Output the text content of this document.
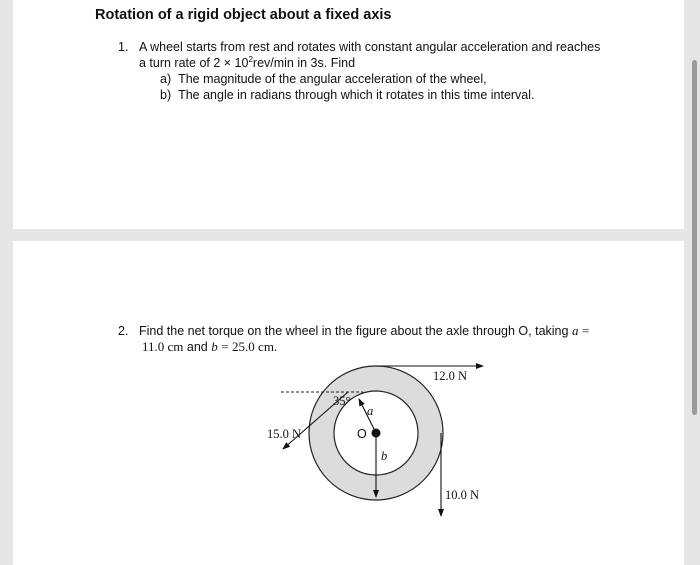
Rotation of a rigid object about a fixed axis
1. A wheel starts from rest and rotates with constant angular acceleration and reaches
a turn rate of $2 \times 10^2rev/\min$ in 3s. Find
a) The magnitude of the angular acceleration of the wheel,
b) The angle in radians through which it rotates in this time interval.
2. Find the net torque on the wheel in the figure about the axle through O, taking a =
11.0 cm and b = 25.0 cm.
12.0 N
15.0 N
10.0 N
35°
a
b
O
